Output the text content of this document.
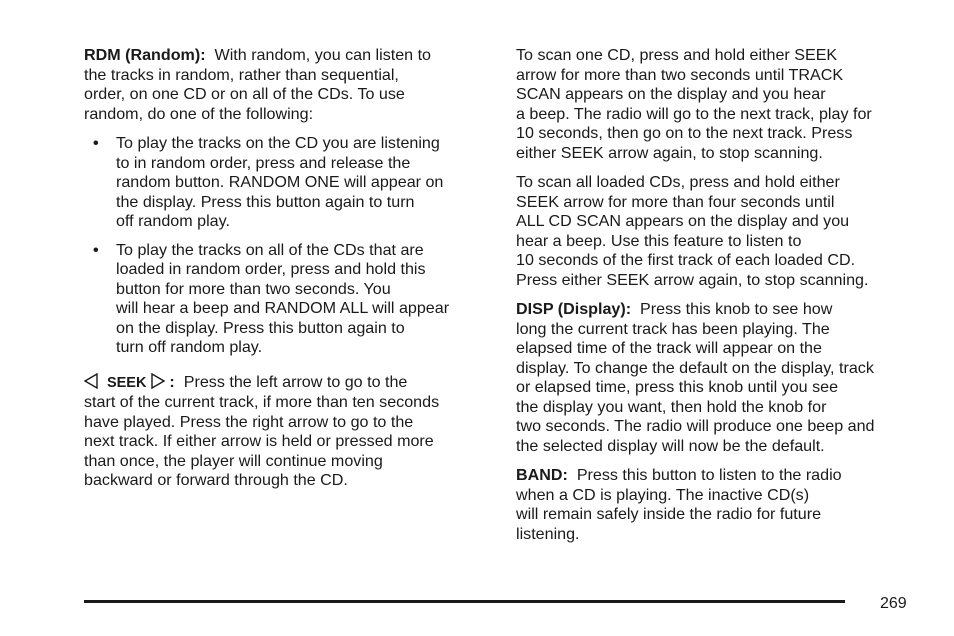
RDM (Random): With random, you can listen to
the tracks in random, rather than sequential,
order, on one CD or on all of the CDs. To use
random, do one of the following:

• To play the tracks on the CD you are listening
to in random order, press and release the
random button. RANDOM ONE will appear on
the display. Press this button again to turn
off random play.
• To play the tracks on all of the CDs that are
loaded in random order, press and hold this
button for more than two seconds. You
will hear a beep and RANDOM ALL will appear
on the display. Press this button again to
turn off random play.

SEEK : Press the left arrow to go to the
start of the current track, if more than ten seconds
have played. Press the right arrow to go to the
next track. If either arrow is held or pressed more
than once, the player will continue moving
backward or forward through the CD.

To scan one CD, press and hold either SEEK
arrow for more than two seconds until TRACK
SCAN appears on the display and you hear
a beep. The radio will go to the next track, play for
10 seconds, then go on to the next track. Press
either SEEK arrow again, to stop scanning.

To scan all loaded CDs, press and hold either
SEEK arrow for more than four seconds until
ALL CD SCAN appears on the display and you
hear a beep. Use this feature to listen to
10 seconds of the first track of each loaded CD.
Press either SEEK arrow again, to stop scanning.

DISP (Display): Press this knob to see how
long the current track has been playing. The
elapsed time of the track will appear on the
display. To change the default on the display, track
or elapsed time, press this knob until you see
the display you want, then hold the knob for
two seconds. The radio will produce one beep and
the selected display will now be the default.

BAND: Press this button to listen to the radio
when a CD is playing. The inactive CD(s)
will remain safely inside the radio for future
listening.

269
